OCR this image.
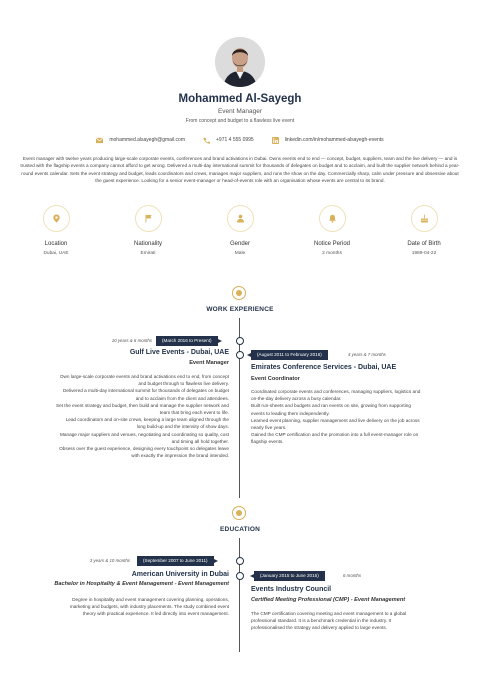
Mohammed Al-Sayegh
Event Manager
From concept and budget to a flawless live event
mohammed.alsayegh@gmail.com	+971 4 555 0995	linkedin.com/in/mohammed-alsayegh-events
Event manager with twelve years producing large-scale corporate events, conferences and brand activations in Dubai. Owns events end to end — concept, budget, suppliers, team and the live delivery — and is trusted with the flagship events a company cannot afford to get wrong. Delivered a multi-day international summit for thousands of delegates on budget and to acclaim, and built the supplier network behind a year-round events calendar. Sets the event strategy and budget, leads coordinators and crews, manages major suppliers, and runs the show on the day. Commercially sharp, calm under pressure and obsessive about the guest experience. Looking for a senior event-manager or head-of-events role with an organisation whose events are central to its brand.
Location
Dubai, UAE
Nationality
Emirati
Gender
Male
Notice Period
2 months
Date of Birth
1989-04-22
WORK EXPERIENCE
10 years & 6 months	(March 2016 to Present)
Gulf Live Events - Dubai, UAE
Event Manager
Own large-scale corporate events and brand activations end to end, from concept
and budget through to flawless live delivery.
Delivered a multi-day international summit for thousands of delegates on budget
and to acclaim from the client and attendees.
Set the event strategy and budget, then build and manage the supplier network and
team that bring each event to life.
Lead coordinators and on-site crews, keeping a large team aligned through the
long build-up and the intensity of show days.
Manage major suppliers and venues, negotiating and coordinating so quality, cost
and timing all hold together.
Obsess over the guest experience, designing every touchpoint so delegates leave
with exactly the impression the brand intended.
(August 2011 to February 2016)	4 years & 7 months
Emirates Conference Services - Dubai, UAE
Event Coordinator
Coordinated corporate events and conferences, managing suppliers, logistics and
on-the-day delivery across a busy calendar.
Built run-sheets and budgets and ran events on site, growing from supporting
events to leading them independently.
Learned event planning, supplier management and live delivery on the job across
nearly five years.
Gained the CMP certification and the promotion into a full event-manager role on
flagship events.
EDUCATION
3 years & 10 months	(September 2007 to June 2011)
American University in Dubai
Bachelor in Hospitality & Event Management - Event Management
Degree in hospitality and event management covering planning, operations,
marketing and budgets, with industry placements. The study combined event
theory with practical experience. It led directly into event management.
(January 2015 to June 2015)	6 months
Events Industry Council
Certified Meeting Professional (CMP) - Event Management
The CMP certification covering meeting and event management to a global
professional standard. It is a benchmark credential in the industry. It
professionalised the strategy and delivery applied to large events.
